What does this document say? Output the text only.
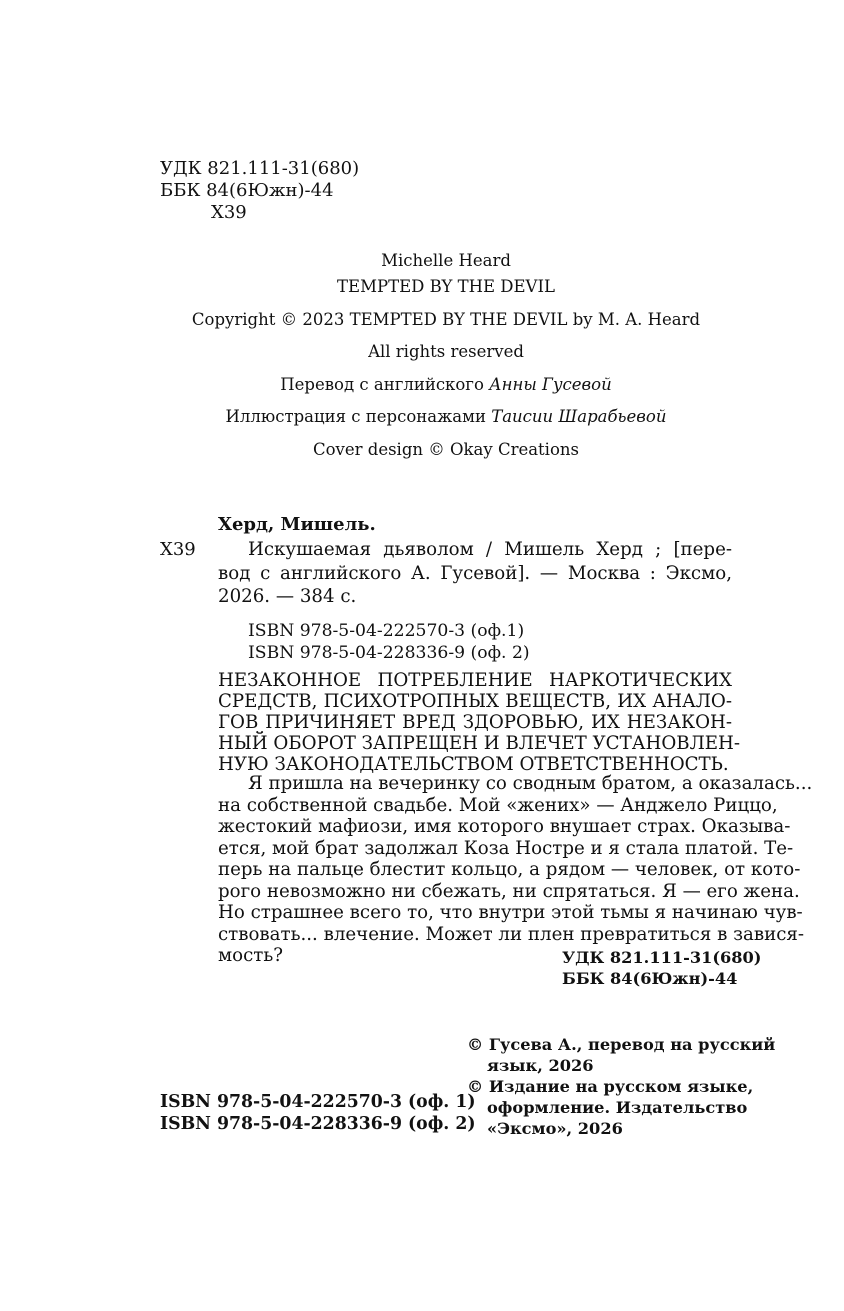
УДК 821.111-31(680)
ББК 84(6Южн)-44
Х39
Michelle Heard
TEMPTED BY THE DEVIL
Copyright © 2023 TEMPTED BY THE DEVIL by M. A. Heard
All rights reserved
Перевод с английского Анны Гусевой
Иллюстрация с персонажами Таисии Шарабьевой
Cover design © Okay Creations
Херд, Мишель.
Х39	Искушаемая дьяволом / Мишель Херд ; [пере-
вод с английского А. Гусевой]. — Москва : Эксмо,
2026. — 384 с.
ISBN 978-5-04-222570-3 (оф.1)
ISBN 978-5-04-228336-9 (оф. 2)
НЕЗАКОННОЕ ПОТРЕБЛЕНИЕ НАРКОТИЧЕСКИХ
СРЕДСТВ, ПСИХОТРОПНЫХ ВЕЩЕСТВ, ИХ АНАЛО-
ГОВ ПРИЧИНЯЕТ ВРЕД ЗДОРОВЬЮ, ИХ НЕЗАКОН-
НЫЙ ОБОРОТ ЗАПРЕЩЕН И ВЛЕЧЕТ УСТАНОВЛЕН-
НУЮ ЗАКОНОДАТЕЛЬСТВОМ ОТВЕТСТВЕННОСТЬ.
Я пришла на вечеринку со сводным братом, а оказалась...
на собственной свадьбе. Мой «жених» — Анджело Риццо,
жестокий мафиози, имя которого внушает страх. Оказыва-
ется, мой брат задолжал Коза Ностре и я стала платой. Те-
перь на пальце блестит кольцо, а рядом — человек, от кото-
рого невозможно ни сбежать, ни спрятаться. Я — его жена.
Но страшнее всего то, что внутри этой тьмы я начинаю чув-
ствовать... влечение. Может ли плен превратиться в завися-
мость?	УДК 821.111-31(680)
ББК 84(6Южн)-44
© Гусева А., перевод на русский
язык, 2026
© Издание на русском языке,
оформление. Издательство
«Эксмо», 2026
ISBN 978-5-04-222570-3 (оф. 1)
ISBN 978-5-04-228336-9 (оф. 2)
